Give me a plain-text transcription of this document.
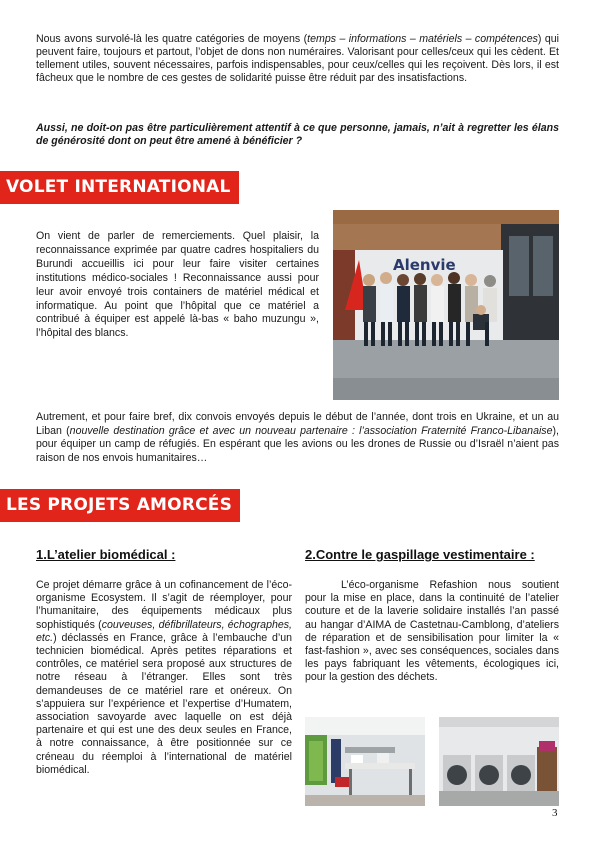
Nous avons survolé-là les quatre catégories de moyens (temps – informations – matériels – compétences) qui peuvent faire, toujours et partout, l’objet de dons non numéraires. Valorisant pour celles/ceux qui les cèdent. Et tellement utiles, souvent nécessaires, parfois indispensables, pour ceux/celles qui les reçoivent. Dès lors, il est fâcheux que le nombre de ces gestes de solidarité puisse être réduit par des insatisfactions.
Aussi, ne doit-on pas être particulièrement attentif à ce que personne, jamais, n’ait à regretter les élans de générosité dont on peut être amené à bénéficier ?
VOLET INTERNATIONAL
On vient de parler de remerciements. Quel plaisir, la reconnaissance exprimée par quatre cadres hospitaliers du Burundi accueillis ici pour leur faire visiter certaines institutions médico-sociales ! Reconnaissance aussi pour leur avoir envoyé trois containers de matériel médical et informatique. Au point que l’hôpital que ce matériel a contribué à équiper est appelé là-bas « baho muzungu », l’hôpital des blancs.
Alenvie
Autrement, et pour faire bref, dix convois envoyés depuis le début de l’année, dont trois en Ukraine, et un au Liban (nouvelle destination grâce et avec un nouveau partenaire : l’association Fraternité Franco-Libanaise), pour équiper un camp de réfugiés. En espérant que les avions ou les drones de Russie ou d’Israël n’aient pas raison de nos envois humanitaires…
LES PROJETS AMORCÉS
1.L’atelier biomédical :
Ce projet démarre grâce à un cofinancement de l’éco-organisme Ecosystem. Il s’agit de réemployer, pour l’humanitaire, des équipements médicaux plus sophistiqués (couveuses, défibrillateurs, échographes, etc.) déclassés en France, grâce à l’embauche d’un technicien biomédical. Après petites réparations et contrôles, ce matériel sera proposé aux structures de notre réseau à l’étranger. Elles sont très demandeuses de ce matériel rare et onéreux. On s’appuiera sur l’expérience et l’expertise d’Humatem, association savoyarde avec laquelle on est déjà partenaire et qui est une des deux seules en France, à notre connaissance, à être positionnée sur ce créneau du réemploi à l’international de matériel biomédical.
2.Contre le gaspillage vestimentaire :
L’éco-organisme Refashion nous soutient pour la mise en place, dans la continuité de l’atelier couture et de la laverie solidaire installés l’an passé au hangar d’AIMA de Castetnau-Camblong, d’ateliers de réparation et de sensibilisation pour limiter la « fast-fashion », avec ses conséquences, sociales dans les pays fabriquant les vêtements, écologiques ici, pour la gestion des déchets.
3
